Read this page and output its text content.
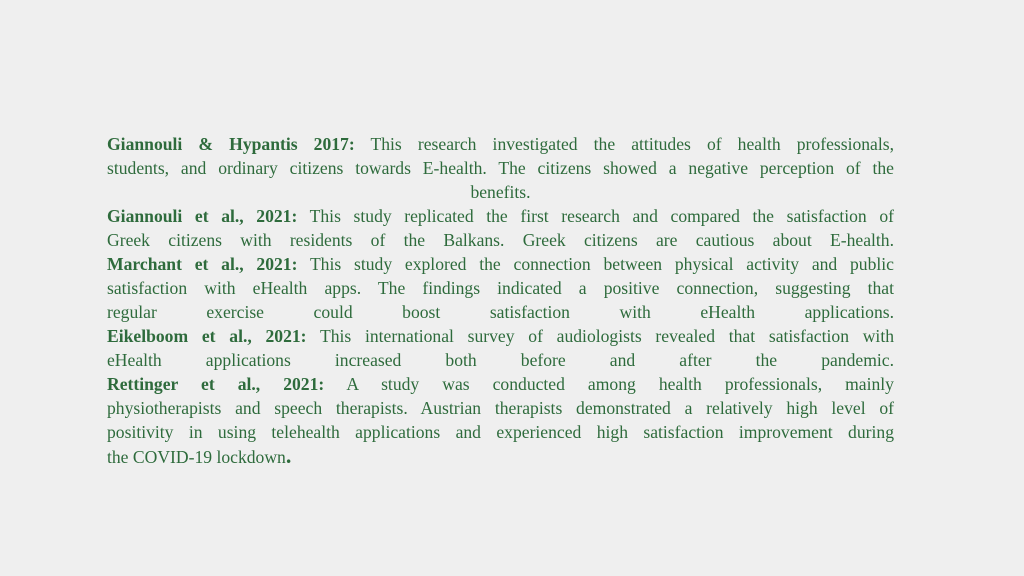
Giannouli & Hypantis 2017: This research investigated the attitudes of health professionals,
students, and ordinary citizens towards E-health. The citizens showed a negative perception of the
benefits.
Giannouli et al., 2021: This study replicated the first research and compared the satisfaction of
Greek citizens with residents of the Balkans. Greek citizens are cautious about E-health.
Marchant et al., 2021: This study explored the connection between physical activity and public
satisfaction with eHealth apps. The findings indicated a positive connection, suggesting that
regular exercise could boost satisfaction with eHealth applications.
Eikelboom et al., 2021: This international survey of audiologists revealed that satisfaction with
eHealth applications increased both before and after the pandemic.
Rettinger et al., 2021: A study was conducted among health professionals, mainly
physiotherapists and speech therapists. Austrian therapists demonstrated a relatively high level of
positivity in using telehealth applications and experienced high satisfaction improvement during
the COVID-19 lockdown.
